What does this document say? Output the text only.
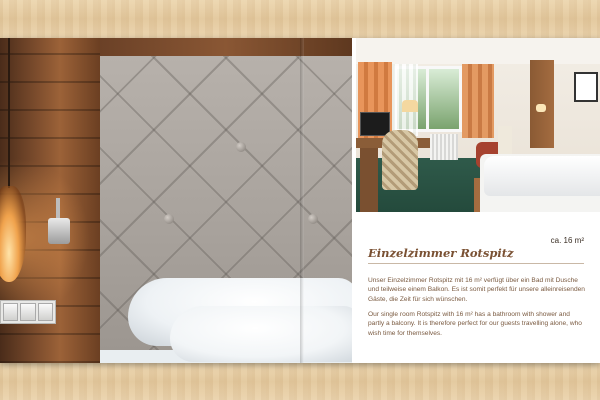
ca. 16 m²
Einzelzimmer Rotspitz

Unser Einzelzimmer Rotspitz mit 16 m² verfügt über ein Bad mit Dusche und teilweise einem Balkon. Es ist somit perfekt für unsere alleinreisenden Gäste, die Zeit für sich wünschen.

Our single room Rotspitz with 16 m² has a bathroom with shower and partly a balcony. It is therefore perfect for our guests travelling alone, who wish time for themselves.
